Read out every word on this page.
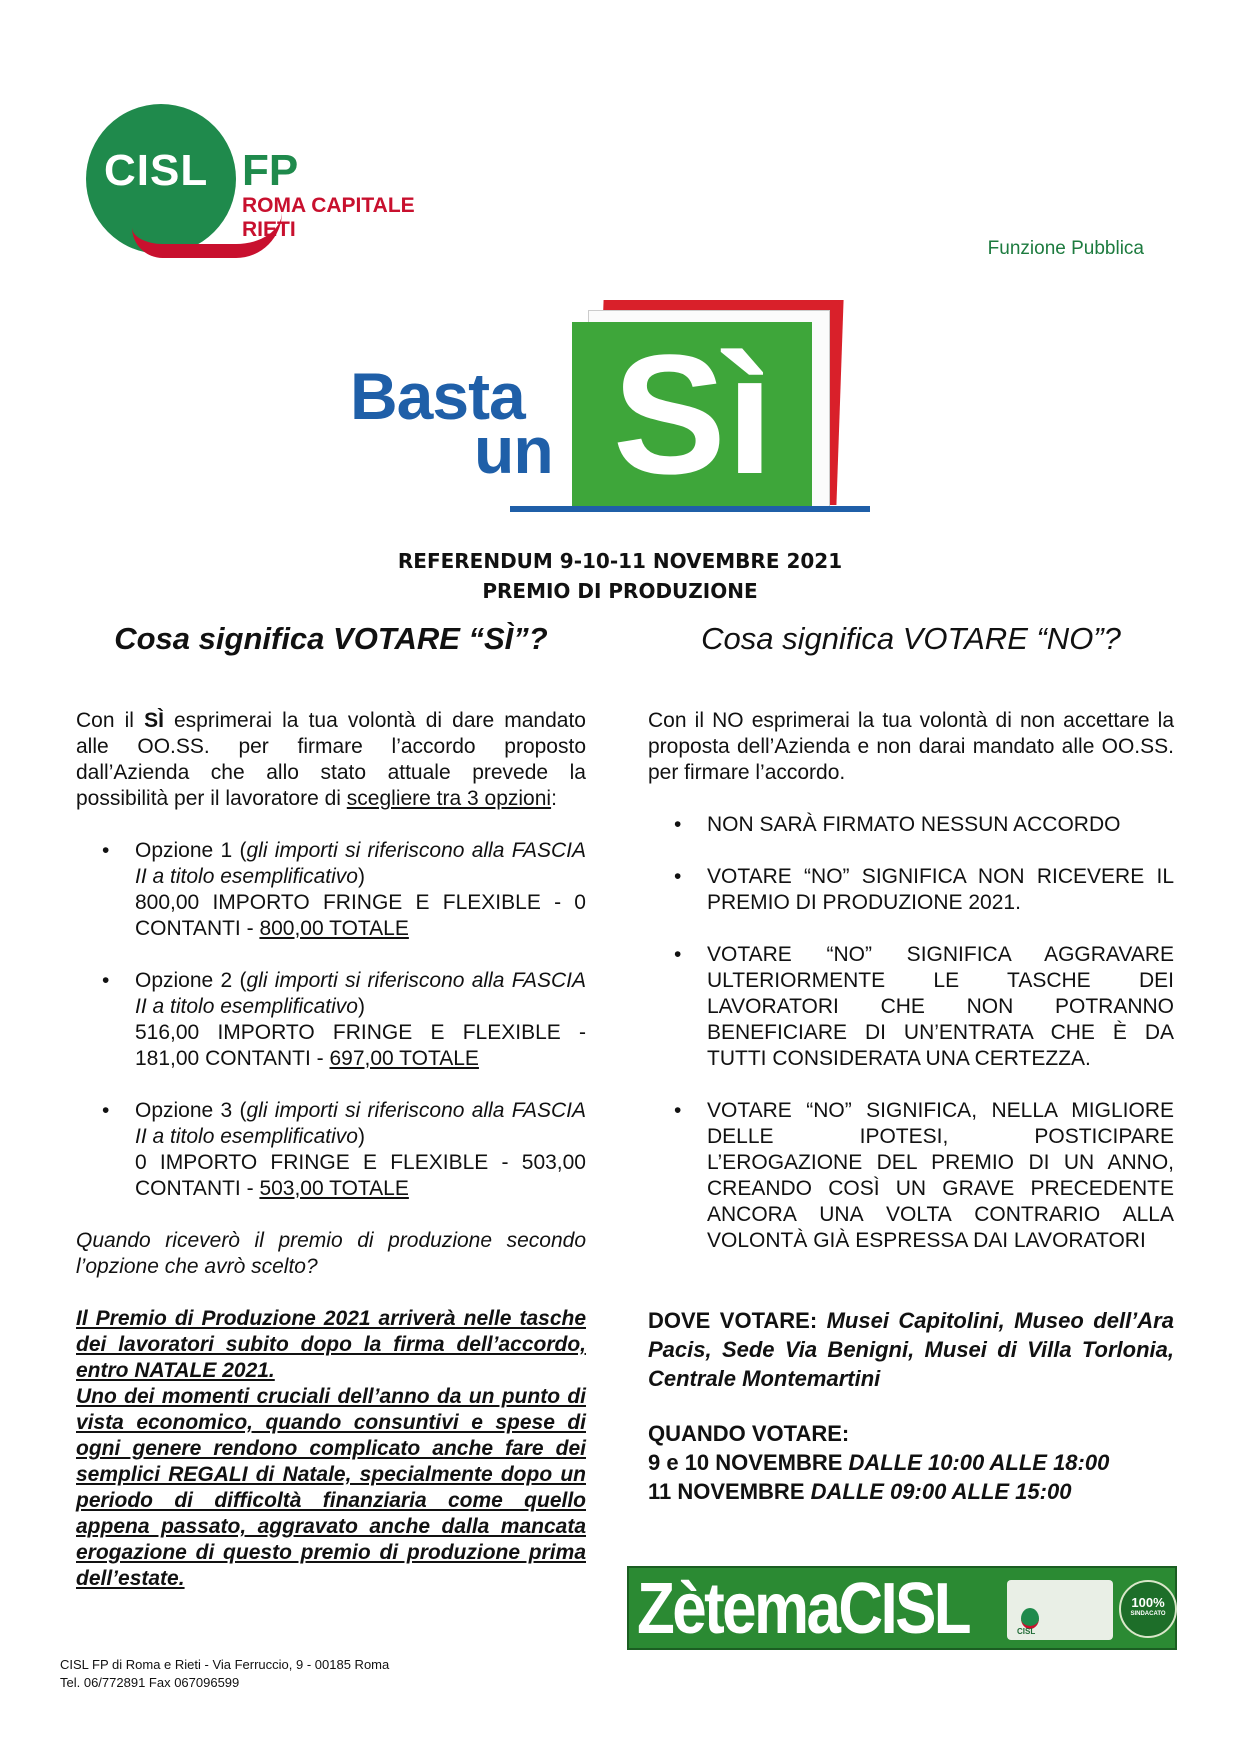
CISL FP
ROMA CAPITALE
RIETI
Funzione Pubblica
Sì
Basta
un
REFERENDUM 9-10-11 NOVEMBRE 2021
PREMIO DI PRODUZIONE
Cosa significa VOTARE “SÌ”?

Con il SÌ esprimerai la tua volontà di dare mandato alle OO.SS. per firmare l’accordo proposto dall’Azienda che allo stato attuale prevede la possibilità per il lavoratore di scegliere tra 3 opzioni:

• Opzione 1 (gli importi si riferiscono alla FASCIA II a titolo esemplificativo)
800,00 IMPORTO FRINGE E FLEXIBLE - 0 CONTANTI - 800,00 TOTALE
• Opzione 2 (gli importi si riferiscono alla FASCIA II a titolo esemplificativo)
516,00 IMPORTO FRINGE E FLEXIBLE - 181,00 CONTANTI - 697,00 TOTALE
• Opzione 3 (gli importi si riferiscono alla FASCIA II a titolo esemplificativo)
0 IMPORTO FRINGE E FLEXIBLE - 503,00 CONTANTI - 503,00 TOTALE

Quando riceverò il premio di produzione secondo l’opzione che avrò scelto?

Il Premio di Produzione 2021 arriverà nelle tasche dei lavoratori subito dopo la firma dell’accordo, entro NATALE 2021.

Uno dei momenti cruciali dell’anno da un punto di vista economico, quando consuntivi e spese di ogni genere rendono complicato anche fare dei semplici REGALI di Natale, specialmente dopo un periodo di difficoltà finanziaria come quello appena passato, aggravato anche dalla mancata erogazione di questo premio di produzione prima dell’estate.

Cosa significa VOTARE “NO”?

Con il NO esprimerai la tua volontà di non accettare la proposta dell’Azienda e non darai mandato alle OO.SS. per firmare l’accordo.

• NON SARÀ FIRMATO NESSUN ACCORDO
• VOTARE “NO” SIGNIFICA NON RICEVERE IL PREMIO DI PRODUZIONE 2021.
• VOTARE “NO” SIGNIFICA AGGRAVARE ULTERIORMENTE LE TASCHE DEI LAVORATORI CHE NON POTRANNO BENEFICIARE DI UN’ENTRATA CHE È DA TUTTI CONSIDERATA UNA CERTEZZA.
• VOTARE “NO” SIGNIFICA, NELLA MIGLIORE DELLE IPOTESI, POSTICIPARE L’EROGAZIONE DEL PREMIO DI UN ANNO, CREANDO COSÌ UN GRAVE PRECEDENTE ANCORA UNA VOLTA CONTRARIO ALLA VOLONTÀ GIÀ ESPRESSA DAI LAVORATORI

DOVE VOTARE: Musei Capitolini, Museo dell’Ara Pacis, Sede Via Benigni, Musei di Villa Torlonia, Centrale Montemartini

QUANDO VOTARE:
9 e 10 NOVEMBRE DALLE 10:00 ALLE 18:00
11 NOVEMBRE DALLE 09:00 ALLE 15:00
ZètemaCISL	CISL
100%
SINDACATO
CISL FP di Roma e Rieti - Via Ferruccio, 9 - 00185 Roma
Tel. 06/772891 Fax 067096599
